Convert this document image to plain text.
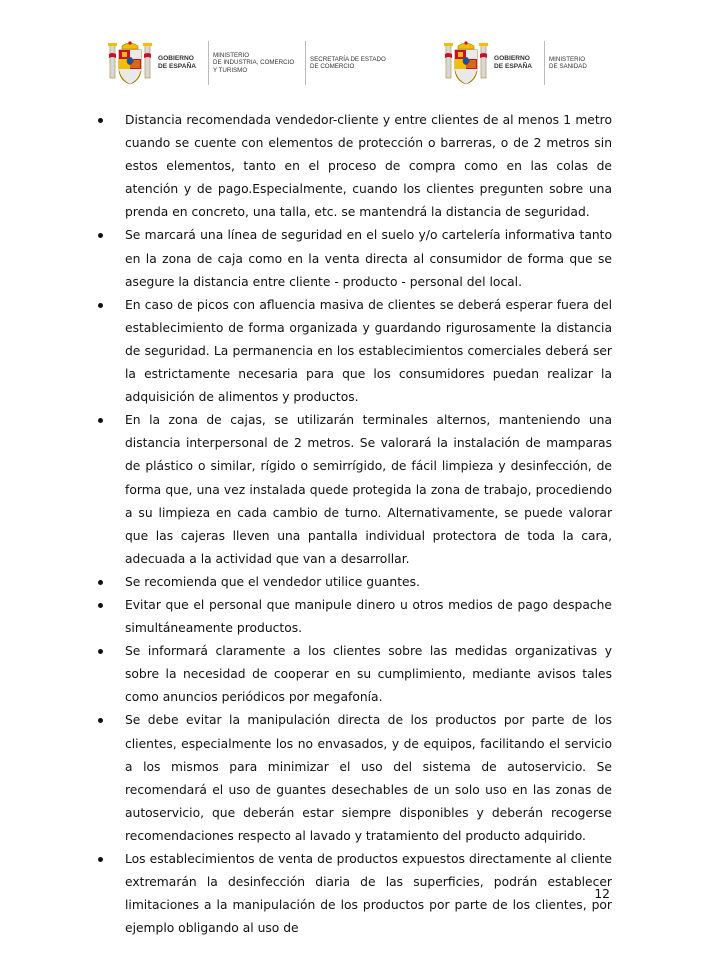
GOBIERNO
DE ESPAÑA
MINISTERIO
DE INDUSTRIA, COMERCIO
Y TURISMO
SECRETARÍA DE ESTADO
DE COMERCIO
GOBIERNO
DE ESPAÑA
MINISTERIO
DE SANIDAD
Distancia recomendada vendedor-cliente y entre clientes de al menos 1 metro cuando se cuente con elementos de protección o barreras, o de 2 metros sin estos elementos, tanto en el proceso de compra como en las colas de atención y de pago.Especialmente, cuando los clientes pregunten sobre una prenda en concreto, una talla, etc. se mantendrá la distancia de seguridad.
Se marcará una línea de seguridad en el suelo y/o cartelería informativa tanto en la zona de caja como en la venta directa al consumidor de forma que se asegure la distancia entre cliente - producto - personal del local.
En caso de picos con afluencia masiva de clientes se deberá esperar fuera del establecimiento de forma organizada y guardando rigurosamente la distancia de seguridad. La permanencia en los establecimientos comerciales deberá ser la estrictamente necesaria para que los consumidores puedan realizar la adquisición de alimentos y productos.
En la zona de cajas, se utilizarán terminales alternos, manteniendo una distancia interpersonal de 2 metros. Se valorará la instalación de mamparas de plástico o similar, rígido o semirrígido, de fácil limpieza y desinfección, de forma que, una vez instalada quede protegida la zona de trabajo, procediendo a su limpieza en cada cambio de turno. Alternativamente, se puede valorar que las cajeras lleven una pantalla individual protectora de toda la cara, adecuada a la actividad que van a desarrollar.
Se recomienda que el vendedor utilice guantes.
Evitar que el personal que manipule dinero u otros medios de pago despache simultáneamente productos.
Se informará claramente a los clientes sobre las medidas organizativas y sobre la necesidad de cooperar en su cumplimiento, mediante avisos tales como anuncios periódicos por megafonía.
Se debe evitar la manipulación directa de los productos por parte de los clientes, especialmente los no envasados, y de equipos, facilitando el servicio a los mismos para minimizar el uso del sistema de autoservicio. Se recomendará el uso de guantes desechables de un solo uso en las zonas de autoservicio, que deberán estar siempre disponibles y deberán recogerse recomendaciones respecto al lavado y tratamiento del producto adquirido.
Los establecimientos de venta de productos expuestos directamente al cliente extremarán la desinfección diaria de las superficies, podrán establecer limitaciones a la manipulación de los productos por parte de los clientes, por ejemplo obligando al uso de
12
